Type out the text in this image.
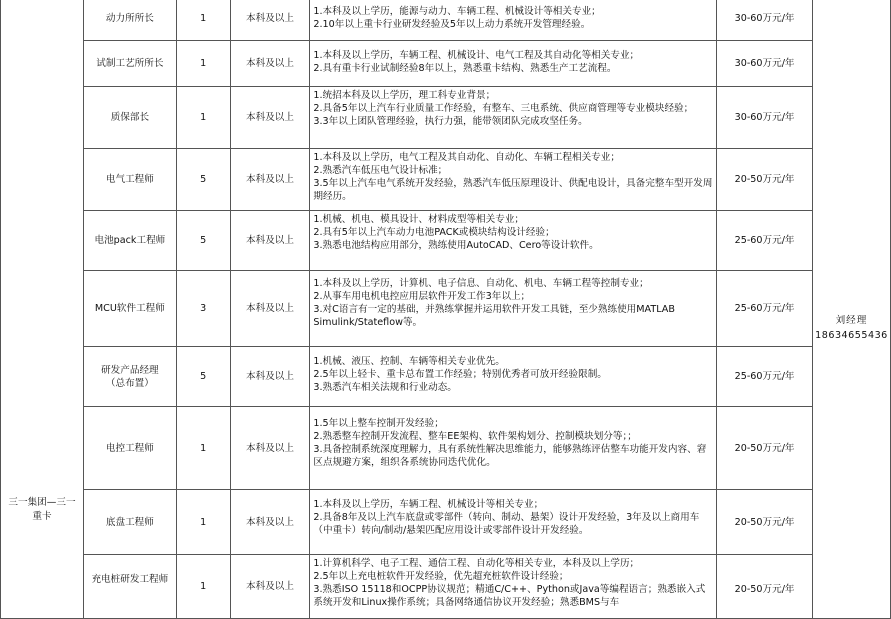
三一集团—三一重卡	动力所所长	1	本科及以上	1.本科及以上学历，能源与动力、车辆工程、机械设计等相关专业；
2.10年以上重卡行业研发经验及5年以上动力系统开发管理经验。	30-60万元/年	刘经理
18634655436

	试制工艺所所长	1	本科及以上	1.本科及以上学历，车辆工程、机械设计、电气工程及其自动化等相关专业；
2.具有重卡行业试制经验8年以上，熟悉重卡结构、熟悉生产工艺流程。	30-60万元/年	
	质保部长	1	本科及以上	1.统招本科及以上学历，理工科专业背景；
2.具备5年以上汽车行业质量工作经验，有整车、三电系统、供应商管理等专业模块经验；
3.3年以上团队管理经验，执行力强，能带领团队完成攻坚任务。	30-60万元/年	
	电气工程师	5	本科及以上	1.本科及以上学历，电气工程及其自动化、自动化、车辆工程相关专业；
2.熟悉汽车低压电气设计标准；
3.5年以上汽车电气系统开发经验，熟悉汽车低压原理设计、供配电设计，具备完整车型开发周期经历。	20-50万元/年	
	电池pack工程师	5	本科及以上	1.机械、机电、模具设计、材料成型等相关专业；
2.具有5年以上汽车动力电池PACK或模块结构设计经验；
3.熟悉电池结构应用部分，熟练使用AutoCAD、Cero等设计软件。	25-60万元/年	
	MCU软件工程师	3	本科及以上	1.本科及以上学历，计算机、电子信息、自动化、机电、车辆工程等控制专业；
2.从事车用电机电控应用层软件开发工作3年以上；
3.对C语言有一定的基础，并熟练掌握并运用软件开发工具链，至少熟练使用MATLAB Simulink/Stateflow等。	25-60万元/年	
	研发产品经理（总布置）	5	本科及以上	1.机械、液压、控制、车辆等相关专业优先。
2.5年以上轻卡、重卡总布置工作经验；特别优秀者可放开经验限制。
3.熟悉汽车相关法规和行业动态。	25-60万元/年	
	电控工程师	1	本科及以上	1.5年以上整车控制开发经验；
2.熟悉整车控制开发流程、整车EE架构、软件架构划分、控制模块划分等；；
3.具备控制系统深度理解力，具有系统性解决思维能力，能够熟练评估整车功能开发内容、窘区点规避方案，组织各系统协同迭代优化。	20-50万元/年	
	底盘工程师	1	本科及以上	1.本科及以上学历，车辆工程、机械设计等相关专业；
2.具备8年及以上汽车底盘或零部件（转向、制动、悬架）设计开发经验，3年及以上商用车（中重卡）转向/制动/悬架匹配应用设计或零部件设计开发经验。	20-50万元/年	
	充电桩研发工程师	1	本科及以上	1.计算机科学、电子工程、通信工程、自动化等相关专业，本科及以上学历；
2.5年以上充电桩软件开发经验，优先超充桩软件设计经验；
3.熟悉ISO 15118和OCPP协议规范；精通C/C++、Python或Java等编程语言；熟悉嵌入式系统开发和Linux操作系统；具备网络通信协议开发经验；熟悉BMS与车	20-50万元/年	
